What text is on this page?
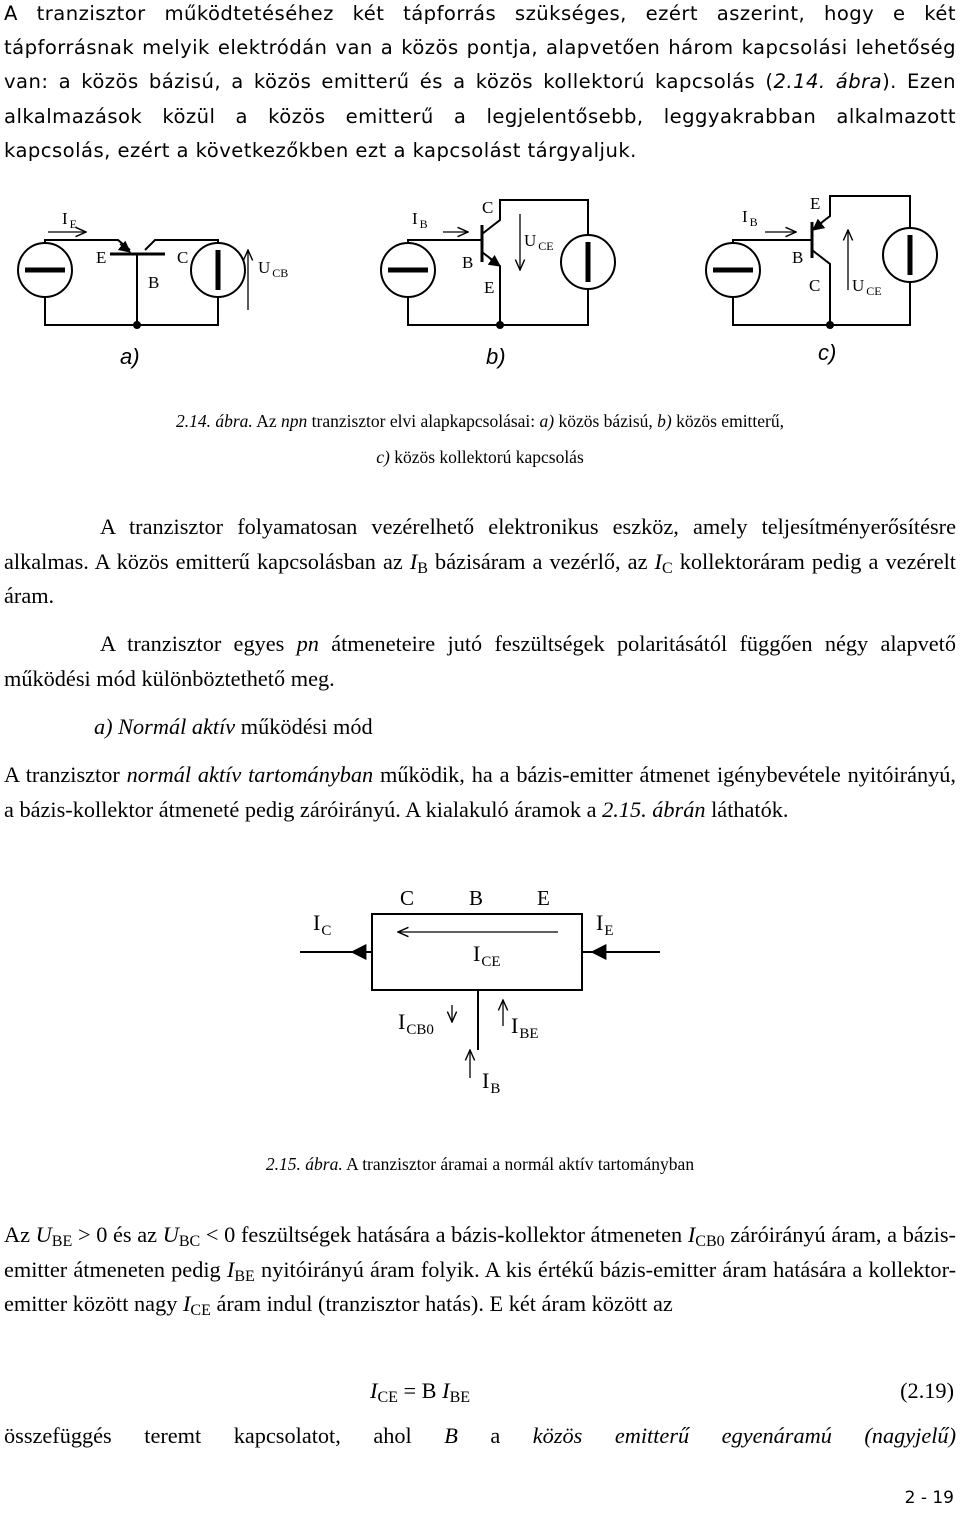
A tranzisztor működtetéséhez két tápforrás szükséges, ezért aszerint, hogy e két tápforrásnak melyik elektródán van a közös pontja, alapvetően három kapcsolási lehetőség van: a közös bázisú, a közös emitterű és a közös kollektorú kapcsolás (2.14. ábra). Ezen alkalmazások közül a közös emitterű a legjelentősebb, leggyakrabban alkalmazott kapcsolás, ezért a következőkben ezt a kapcsolást tárgyaljuk.

I $_E$
E
B
C
U $_{CB}$
a)
I $_B$
B
C
E
U $_{CE}$
b)
I $_B$
B
E
C U $_{CE}$
c)

2.14. ábra. Az npn tranzisztor elvi alapkapcsolásai: a) közös bázisú, b) közös emitterű,
c) közös kollektorú kapcsolás

A tranzisztor folyamatosan vezérelhető elektronikus eszköz, amely teljesítményerősítésre alkalmas. A közös emitterű kapcsolásban az $I_B$ bázisáram a vezérlő, az $I_C$ kollektoráram pedig a vezérelt áram.

A tranzisztor egyes pn átmeneteire jutó feszültségek polaritásától függően négy alapvető működési mód különböztethető meg.

a) Normál aktív működési mód

A tranzisztor normál aktív tartományban működik, ha a bázis-emitter átmenet igénybevétele nyitóirányú, a bázis-kollektor átmeneté pedig záróirányú. A kialakuló áramok a 2.15. ábrán láthatók.

$I_C$
C	B	E
$I_E$
$I_{CE}$
$I_{CB0}$	$I_{BE}$
$I_B$

2.15. ábra. A tranzisztor áramai a normál aktív tartományban

Az $U_{BE} > 0$ és az $U_{BC} < 0$ feszültségek hatására a bázis-kollektor átmeneten $I_{CB0}$ záróirányú áram, a bázis-emitter átmeneten pedig $I_{BE}$ nyitóirányú áram folyik. A kis értékű bázis-emitter áram hatására a kollektor-emitter között nagy $I_{CE}$ áram indul (tranzisztor hatás). E két áram között az

$I_{CE} = B$ $I_{BE}$	(2.19)

összefüggés teremt kapcsolatot, ahol B a közös emitterű egyenáramú (nagyjelű)

2 - 19
